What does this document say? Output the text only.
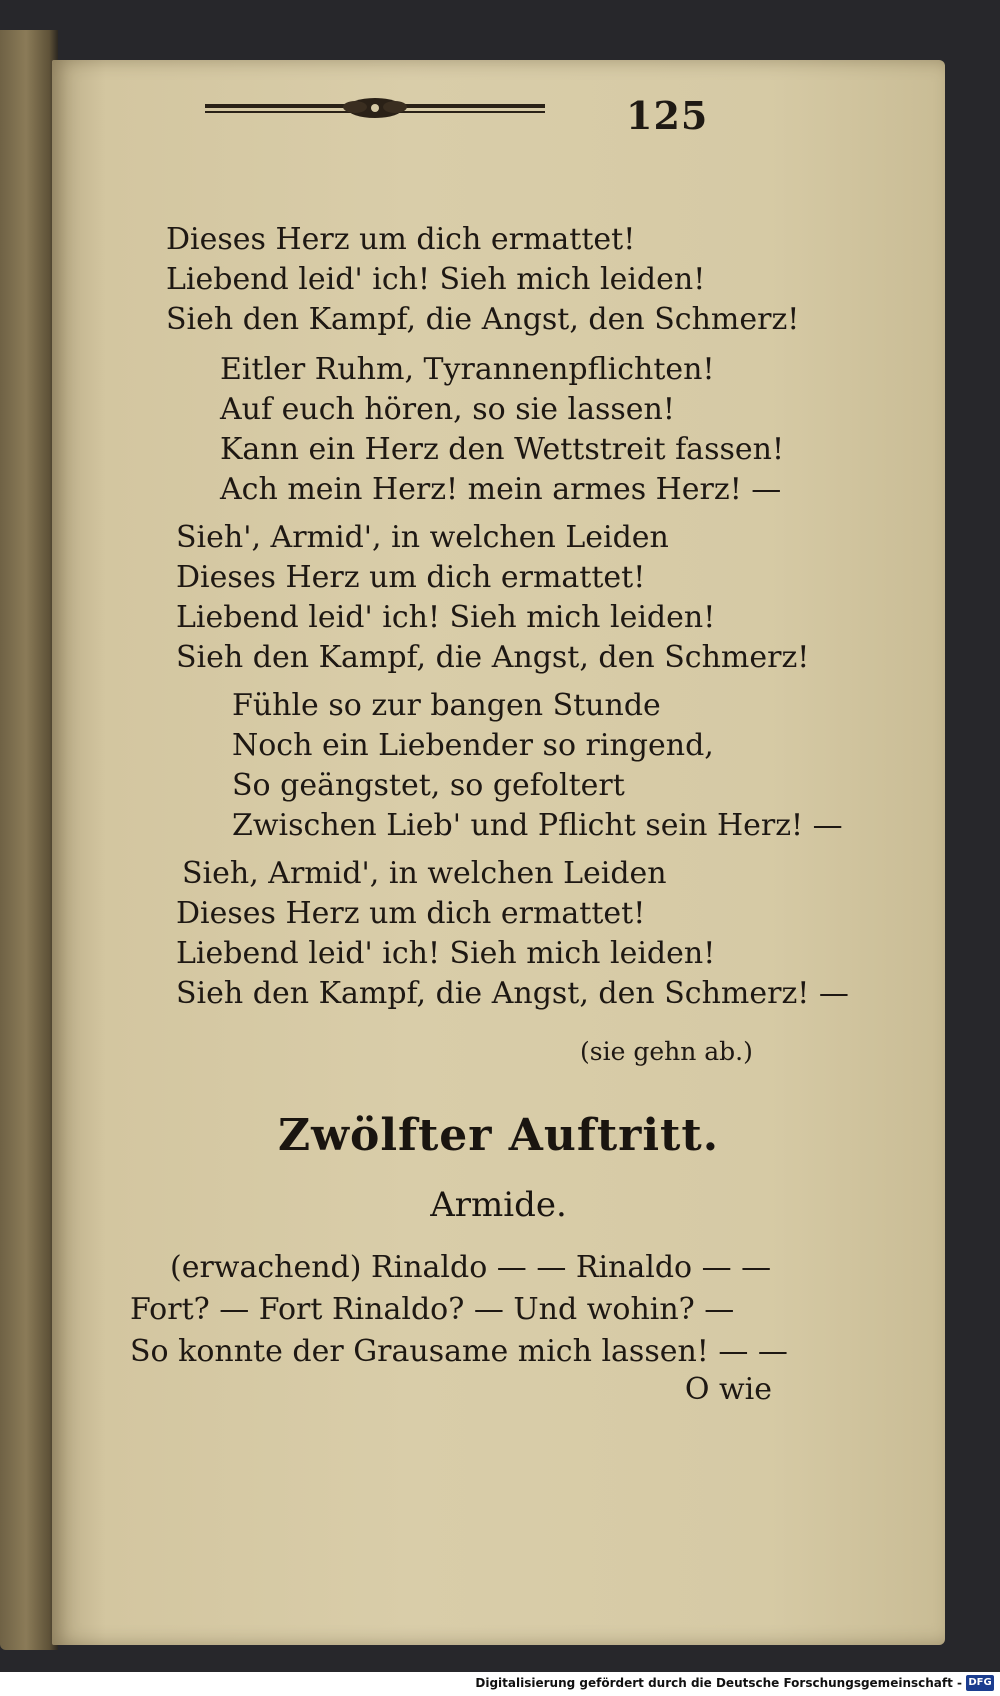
125
Dieses Herz um dich ermattet!
Liebend leid' ich! Sieh mich leiden!
Sieh den Kampf, die Angst, den Schmerz!
Eitler Ruhm, Tyrannenpflichten!
Auf euch hören, so sie lassen!
Kann ein Herz den Wettstreit fassen!
Ach mein Herz! mein armes Herz! —
Sieh', Armid', in welchen Leiden
Dieses Herz um dich ermattet!
Liebend leid' ich! Sieh mich leiden!
Sieh den Kampf, die Angst, den Schmerz!
Fühle so zur bangen Stunde
Noch ein Liebender so ringend,
So geängstet, so gefoltert
Zwischen Lieb' und Pflicht sein Herz! —
Sieh, Armid', in welchen Leiden
Dieses Herz um dich ermattet!
Liebend leid' ich! Sieh mich leiden!
Sieh den Kampf, die Angst, den Schmerz! —
(sie gehn ab.)
Zwölfter Auftritt.
Armide.
(erwachend) Rinaldo — — Rinaldo — —
Fort? — Fort Rinaldo? — Und wohin? —
So konnte der Grausame mich lassen! — —
O wie
Digitalisierung gefördert durch die Deutsche Forschungsgemeinschaft - DFG
